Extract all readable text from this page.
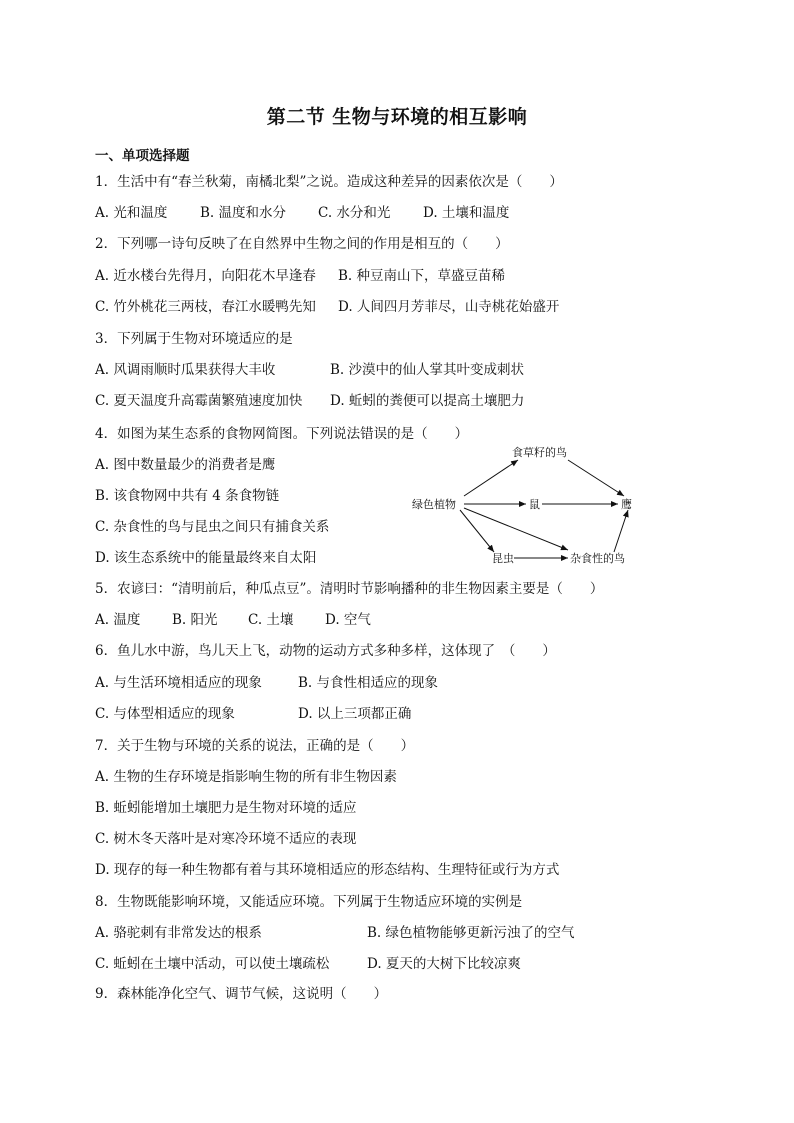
第二节 生物与环境的相互影响
一、单项选择题
1．生活中有“春兰秋菊，南橘北梨”之说。造成这种差异的因素依次是（　　）
A. 光和温度 B. 温度和水分 C. 水分和光 D. 土壤和温度
2．下列哪一诗句反映了在自然界中生物之间的作用是相互的（　　）
A. 近水楼台先得月，向阳花木早逢春 B. 种豆南山下，草盛豆苗稀
C. 竹外桃花三两枝，春江水暖鸭先知 D. 人间四月芳菲尽，山寺桃花始盛开
3．下列属于生物对环境适应的是
A. 风调雨顺时瓜果获得大丰收	B. 沙漠中的仙人掌其叶变成刺状
C. 夏天温度升高霉菌繁殖速度加快 D. 蚯蚓的粪便可以提高土壤肥力
4．如图为某生态系的食物网简图。下列说法错误的是（　　）
A. 图中数量最少的消费者是鹰
B. 该食物网中共有 4 条食物链
C. 杂食性的鸟与昆虫之间只有捕食关系
D. 该生态系统中的能量最终来自太阳
5．农谚曰：“清明前后，种瓜点豆”。清明时节影响播种的非生物因素主要是（　　）
A. 温度 B. 阳光 C. 土壤 D. 空气
6．鱼儿水中游，鸟儿天上飞，动物的运动方式多种多样，这体现了　（　　）
A. 与生活环境相适应的现象	B. 与食性相适应的现象
C. 与体型相适应的现象	D. 以上三项都正确
7．关于生物与环境的关系的说法，正确的是（　　）
A. 生物的生存环境是指影响生物的所有非生物因素
B. 蚯蚓能增加土壤肥力是生物对环境的适应
C. 树木冬天落叶是对寒冷环境不适应的表现
D. 现存的每一种生物都有着与其环境相适应的形态结构、生理特征或行为方式
8．生物既能影响环境，又能适应环境。下列属于生物适应环境的实例是
A. 骆驼刺有非常发达的根系	B. 绿色植物能够更新污浊了的空气
C. 蚯蚓在土壤中活动，可以使土壤疏松	D. 夏天的大树下比较凉爽
9．森林能净化空气、调节气候，这说明（　　）
食草籽的鸟
绿色植物	鼠	鹰
昆虫	杂食性的鸟
